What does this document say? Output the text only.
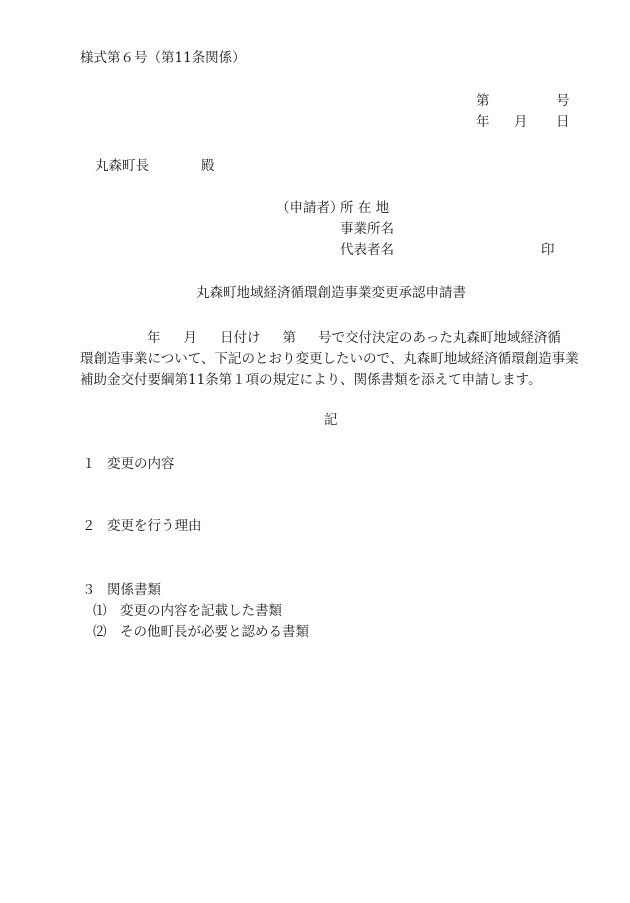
様式第６号（第11条関係）
第	号
年 月 日
丸森町長	殿
（申請者）
所 在 地
事業所名
代表者名	印
丸森町地域経済循環創造事業変更承認申請書
年 月 日付け 第 号で交付決定のあった丸森町地域経済循
環創造事業について、下記のとおり変更したいので、丸森町地域経済循環創造事業
補助金交付要綱第11条第１項の規定により、関係書類を添えて申請します。
記
１ 変更の内容
２ 変更を行う理由
３ 関係書類
⑴ 変更の内容を記載した書類
⑵ その他町長が必要と認める書類
